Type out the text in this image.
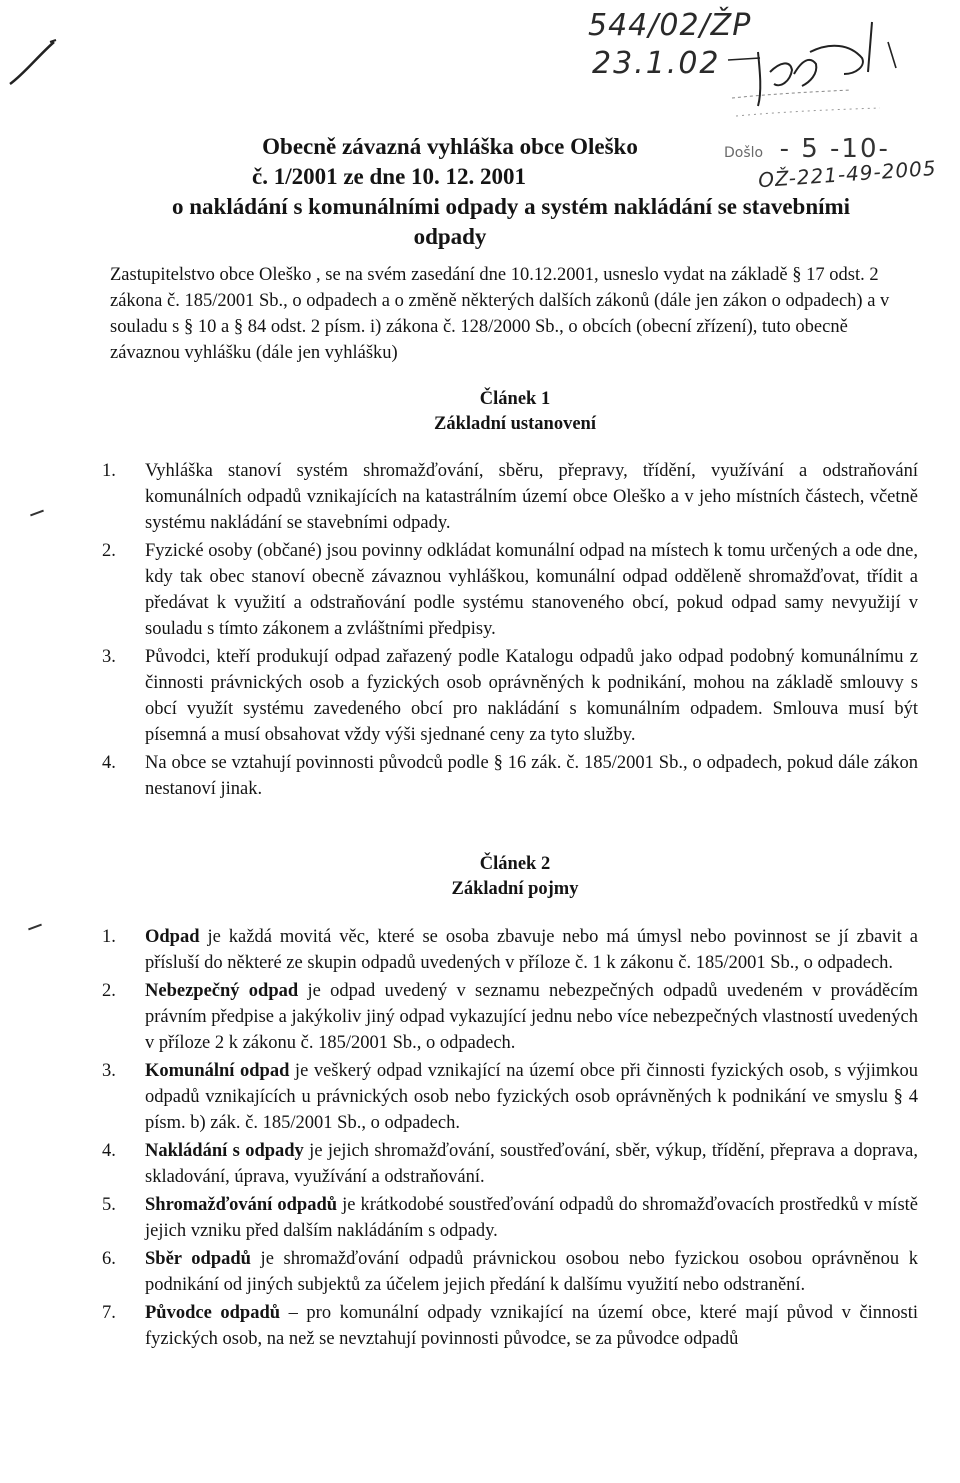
544/02/ŽP
23.1.02
Došlo - 5 -10-
OŽ-221-49-2005
Obecně závazná vyhláška obce Oleško
č. 1/2001 ze dne 10. 12. 2001
o nakládání s komunálními odpady a systém nakládání se stavebními
odpady

Zastupitelstvo obce Oleško , se na svém zasedání dne 10.12.2001, usneslo vydat na základě § 17 odst. 2 zákona č. 185/2001 Sb., o odpadech a o změně některých dalších zákonů (dále jen zákon o odpadech) a v souladu s § 10 a § 84 odst. 2 písm. i) zákona č. 128/2000 Sb., o obcích (obecní zřízení), tuto obecně závaznou vyhlášku (dále jen vyhlášku)

Článek 1
Základní ustanovení
1.	Vyhláška stanoví systém shromažďování, sběru, přepravy, třídění, využívání a odstraňování komunálních odpadů vznikajících na katastrálním území obce Oleško a v jeho místních částech, včetně systému nakládání se stavebními odpady.
2.	Fyzické osoby (občané) jsou povinny odkládat komunální odpad na místech k tomu určených a ode dne, kdy tak obec stanoví obecně závaznou vyhláškou, komunální odpad odděleně shromažďovat, třídit a předávat k využití a odstraňování podle systému stanoveného obcí, pokud odpad samy nevyužijí v souladu s tímto zákonem a zvláštními předpisy.
3.	Původci, kteří produkují odpad zařazený podle Katalogu odpadů jako odpad podobný komunálnímu z činnosti právnických osob a fyzických osob oprávněných k podnikání, mohou na základě smlouvy s obcí využít systému zavedeného obcí pro nakládání s komunálním odpadem. Smlouva musí být písemná a musí obsahovat vždy výši sjednané ceny za tyto služby.
4.	Na obce se vztahují povinnosti původců podle § 16 zák. č. 185/2001 Sb., o odpadech, pokud dále zákon nestanoví jinak.
Článek 2
Základní pojmy
1.	Odpad je každá movitá věc, které se osoba zbavuje nebo má úmysl nebo povinnost se jí zbavit a přísluší do některé ze skupin odpadů uvedených v příloze č. 1 k zákonu č. 185/2001 Sb., o odpadech.
2.	Nebezpečný odpad je odpad uvedený v seznamu nebezpečných odpadů uvedeném v prováděcím právním předpise a jakýkoliv jiný odpad vykazující jednu nebo více nebezpečných vlastností uvedených v příloze 2 k zákonu č. 185/2001 Sb., o odpadech.
3.	Komunální odpad je veškerý odpad vznikající na území obce při činnosti fyzických osob, s výjimkou odpadů vznikajících u právnických osob nebo fyzických osob oprávněných k podnikání ve smyslu § 4 písm. b) zák. č. 185/2001 Sb., o odpadech.
4.	Nakládání s odpady je jejich shromažďování, soustřeďování, sběr, výkup, třídění, přeprava a doprava, skladování, úprava, využívání a odstraňování.
5.	Shromažďování odpadů je krátkodobé soustřeďování odpadů do shromažďovacích prostředků v místě jejich vzniku před dalším nakládáním s odpady.
6.	Sběr odpadů je shromažďování odpadů právnickou osobou nebo fyzickou osobou oprávněnou k podnikání od jiných subjektů za účelem jejich předání k dalšímu využití nebo odstranění.
7.	Původce odpadů – pro komunální odpady vznikající na území obce, které mají původ v činnosti fyzických osob, na než se nevztahují povinnosti původce, se za původce odpadů
